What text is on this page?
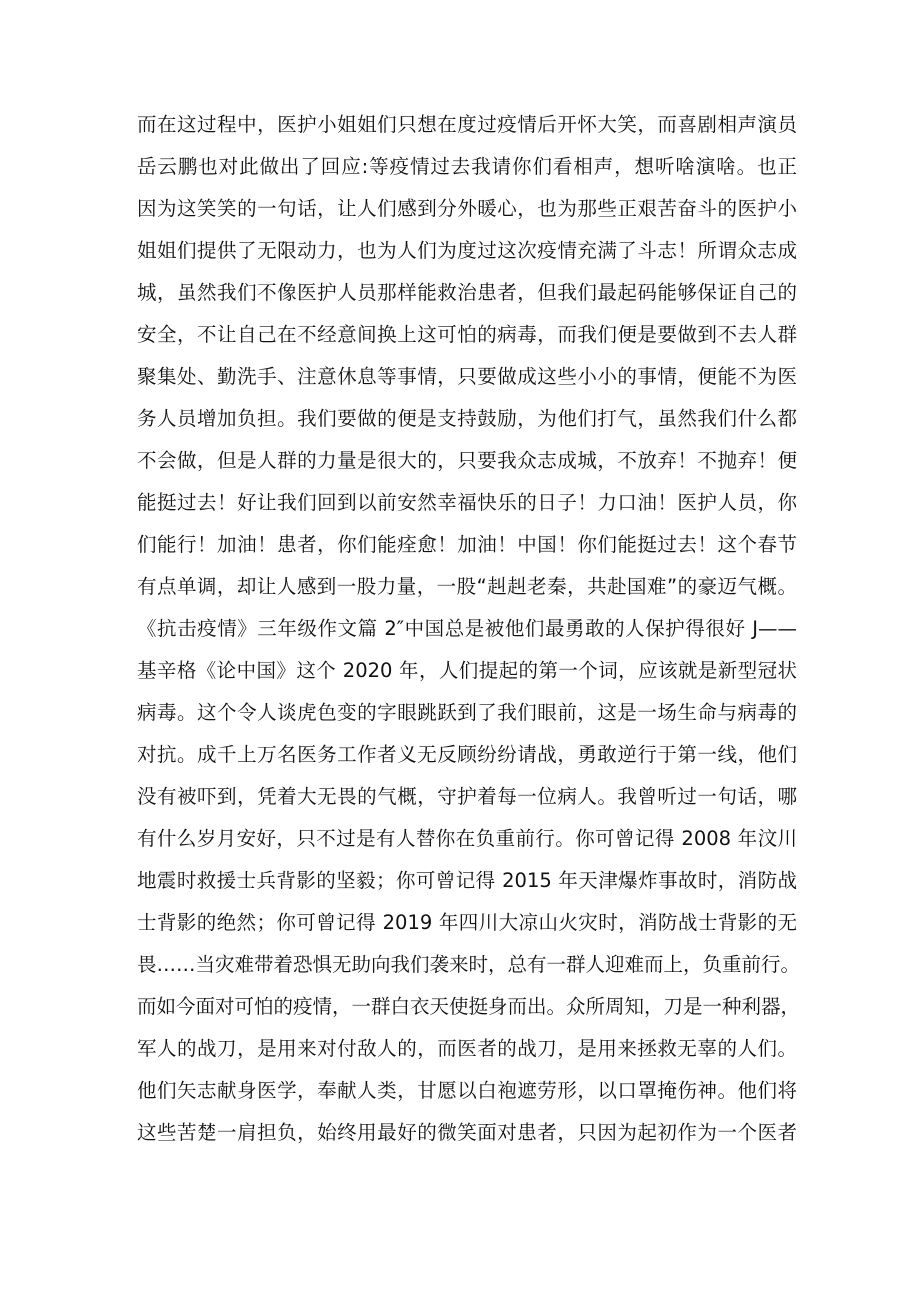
而在这过程中，医护小姐姐们只想在度过疫情后开怀大笑，而喜剧相声演员
岳云鹏也对此做出了回应:等疫情过去我请你们看相声，想听啥演啥。也正
因为这笑笑的一句话，让人们感到分外暖心，也为那些正艰苦奋斗的医护小
姐姐们提供了无限动力，也为人们为度过这次疫情充满了斗志！所谓众志成
城，虽然我们不像医护人员那样能救治患者，但我们最起码能够保证自己的
安全，不让自己在不经意间换上这可怕的病毒，而我们便是要做到不去人群
聚集处、勤洗手、注意休息等事情，只要做成这些小小的事情，便能不为医
务人员增加负担。我们要做的便是支持鼓励，为他们打气，虽然我们什么都
不会做，但是人群的力量是很大的，只要我众志成城，不放弃！不抛弃！便
能挺过去！好让我们回到以前安然幸福快乐的日子！力口油！医护人员，你
们能行！加油！患者，你们能痊愈！加油！中国！你们能挺过去！这个春节
有点单调，却让人感到一股力量，一股“赳赳老秦，共赴国难”的豪迈气概。
《抗击疫情》三年级作文篇 2″中国总是被他们最勇敢的人保护得很好 J——
基辛格《论中国》这个 2020 年，人们提起的第一个词，应该就是新型冠状
病毒。这个令人谈虎色变的字眼跳跃到了我们眼前，这是一场生命与病毒的
对抗。成千上万名医务工作者义无反顾纷纷请战，勇敢逆行于第一线，他们
没有被吓到，凭着大无畏的气概，守护着每一位病人。我曾听过一句话，哪
有什么岁月安好，只不过是有人替你在负重前行。你可曾记得 2008 年汶川
地震时救援士兵背影的坚毅；你可曾记得 2015 年天津爆炸事故时，消防战
士背影的绝然；你可曾记得 2019 年四川大凉山火灾时，消防战士背影的无
畏……当灾难带着恐惧无助向我们袭来时，总有一群人迎难而上，负重前行。
而如今面对可怕的疫情，一群白衣天使挺身而出。众所周知，刀是一种利器，
军人的战刀，是用来对付敌人的，而医者的战刀，是用来拯救无辜的人们。
他们矢志献身医学，奉献人类，甘愿以白袍遮劳形，以口罩掩伤神。他们将
这些苦楚一肩担负，始终用最好的微笑面对患者，只因为起初作为一个医者
